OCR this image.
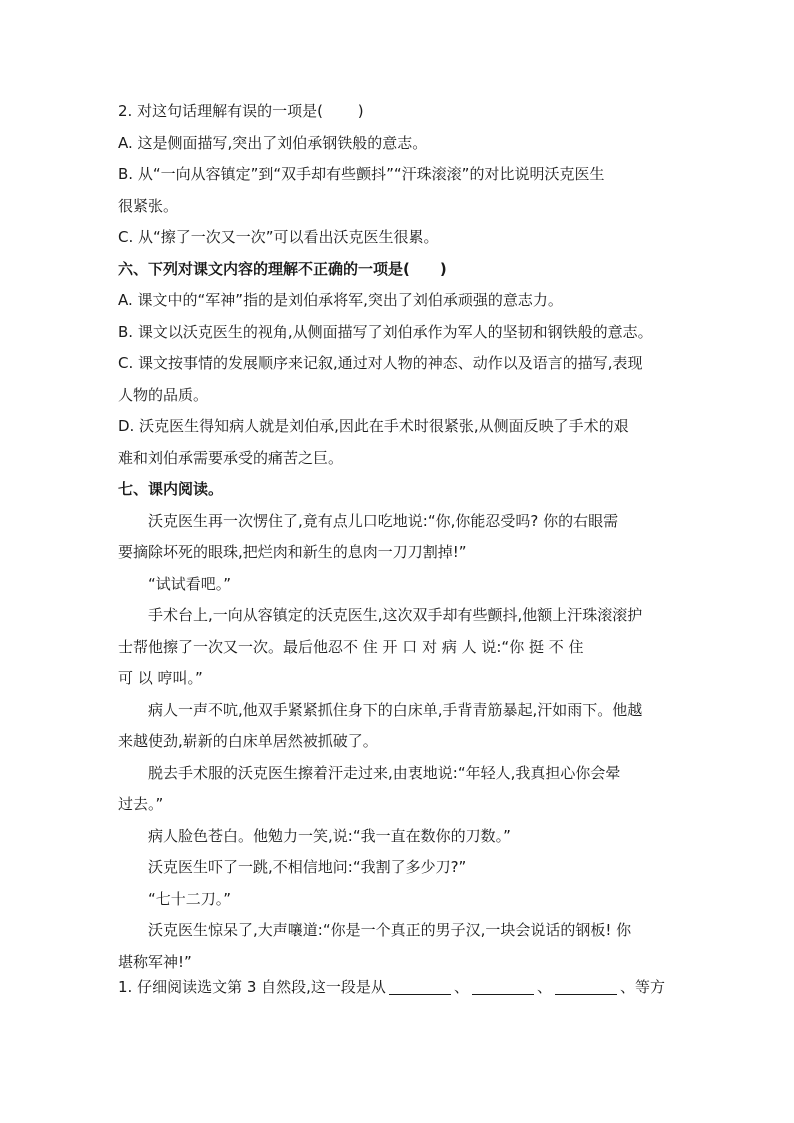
2. 对这句话理解有误的一项是(　　 )
A. 这是侧面描写,突出了刘伯承钢铁般的意志。
B. 从“一向从容镇定”到“双手却有些颤抖”“汗珠滚滚”的对比说明沃克医生
很紧张。
C. 从“擦了一次又一次”可以看出沃克医生很累。
六、下列对课文内容的理解不正确的一项是(　　)
A. 课文中的“军神”指的是刘伯承将军,突出了刘伯承顽强的意志力。
B. 课文以沃克医生的视角,从侧面描写了刘伯承作为军人的坚韧和钢铁般的意志。
C. 课文按事情的发展顺序来记叙,通过对人物的神态、动作以及语言的描写,表现
人物的品质。
D. 沃克医生得知病人就是刘伯承,因此在手术时很紧张,从侧面反映了手术的艰
难和刘伯承需要承受的痛苦之巨。
七、课内阅读。
沃克医生再一次愣住了,竟有点儿口吃地说:“你,你能忍受吗? 你的右眼需
要摘除坏死的眼珠,把烂肉和新生的息肉一刀刀割掉!”
“试试看吧。”
手术台上,一向从容镇定的沃克医生,这次双手却有些颤抖,他额上汗珠滚滚护
士帮他擦了一次又一次。最后他忍不 住 开 口 对 病 人 说:“你 挺 不 住
可 以 哼叫。”
病人一声不吭,他双手紧紧抓住身下的白床单,手背青筋暴起,汗如雨下。他越
来越使劲,崭新的白床单居然被抓破了。
脱去手术服的沃克医生擦着汗走过来,由衷地说:“年轻人,我真担心你会晕
过去。”
病人脸色苍白。他勉力一笑,说:“我一直在数你的刀数。”
沃克医生吓了一跳,不相信地问:“我割了多少刀?”
“七十二刀。”
沃克医生惊呆了,大声嚷道:“你是一个真正的男子汉,一块会说话的钢板! 你
堪称军神!”
1. 仔细阅读选文第 3 自然段,这一段是从	、	、	、等方
